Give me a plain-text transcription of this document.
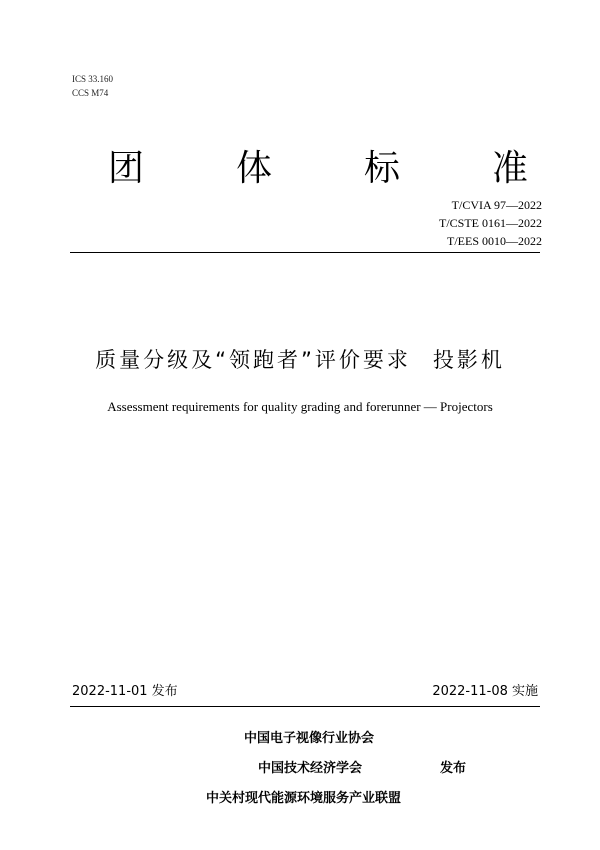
ICS 33.160
CCS M74
团	体	标	准
T/CVIA 97—2022
T/CSTE 0161—2022
T/EES 0010—2022
质量分级及“领跑者”评价要求 投影机
Assessment requirements for quality grading and forerunner — Projectors
2022-11-01 发布	2022-11-08 实施
中国电子视像行业协会
中国技术经济学会	发布
中关村现代能源环境服务产业联盟
